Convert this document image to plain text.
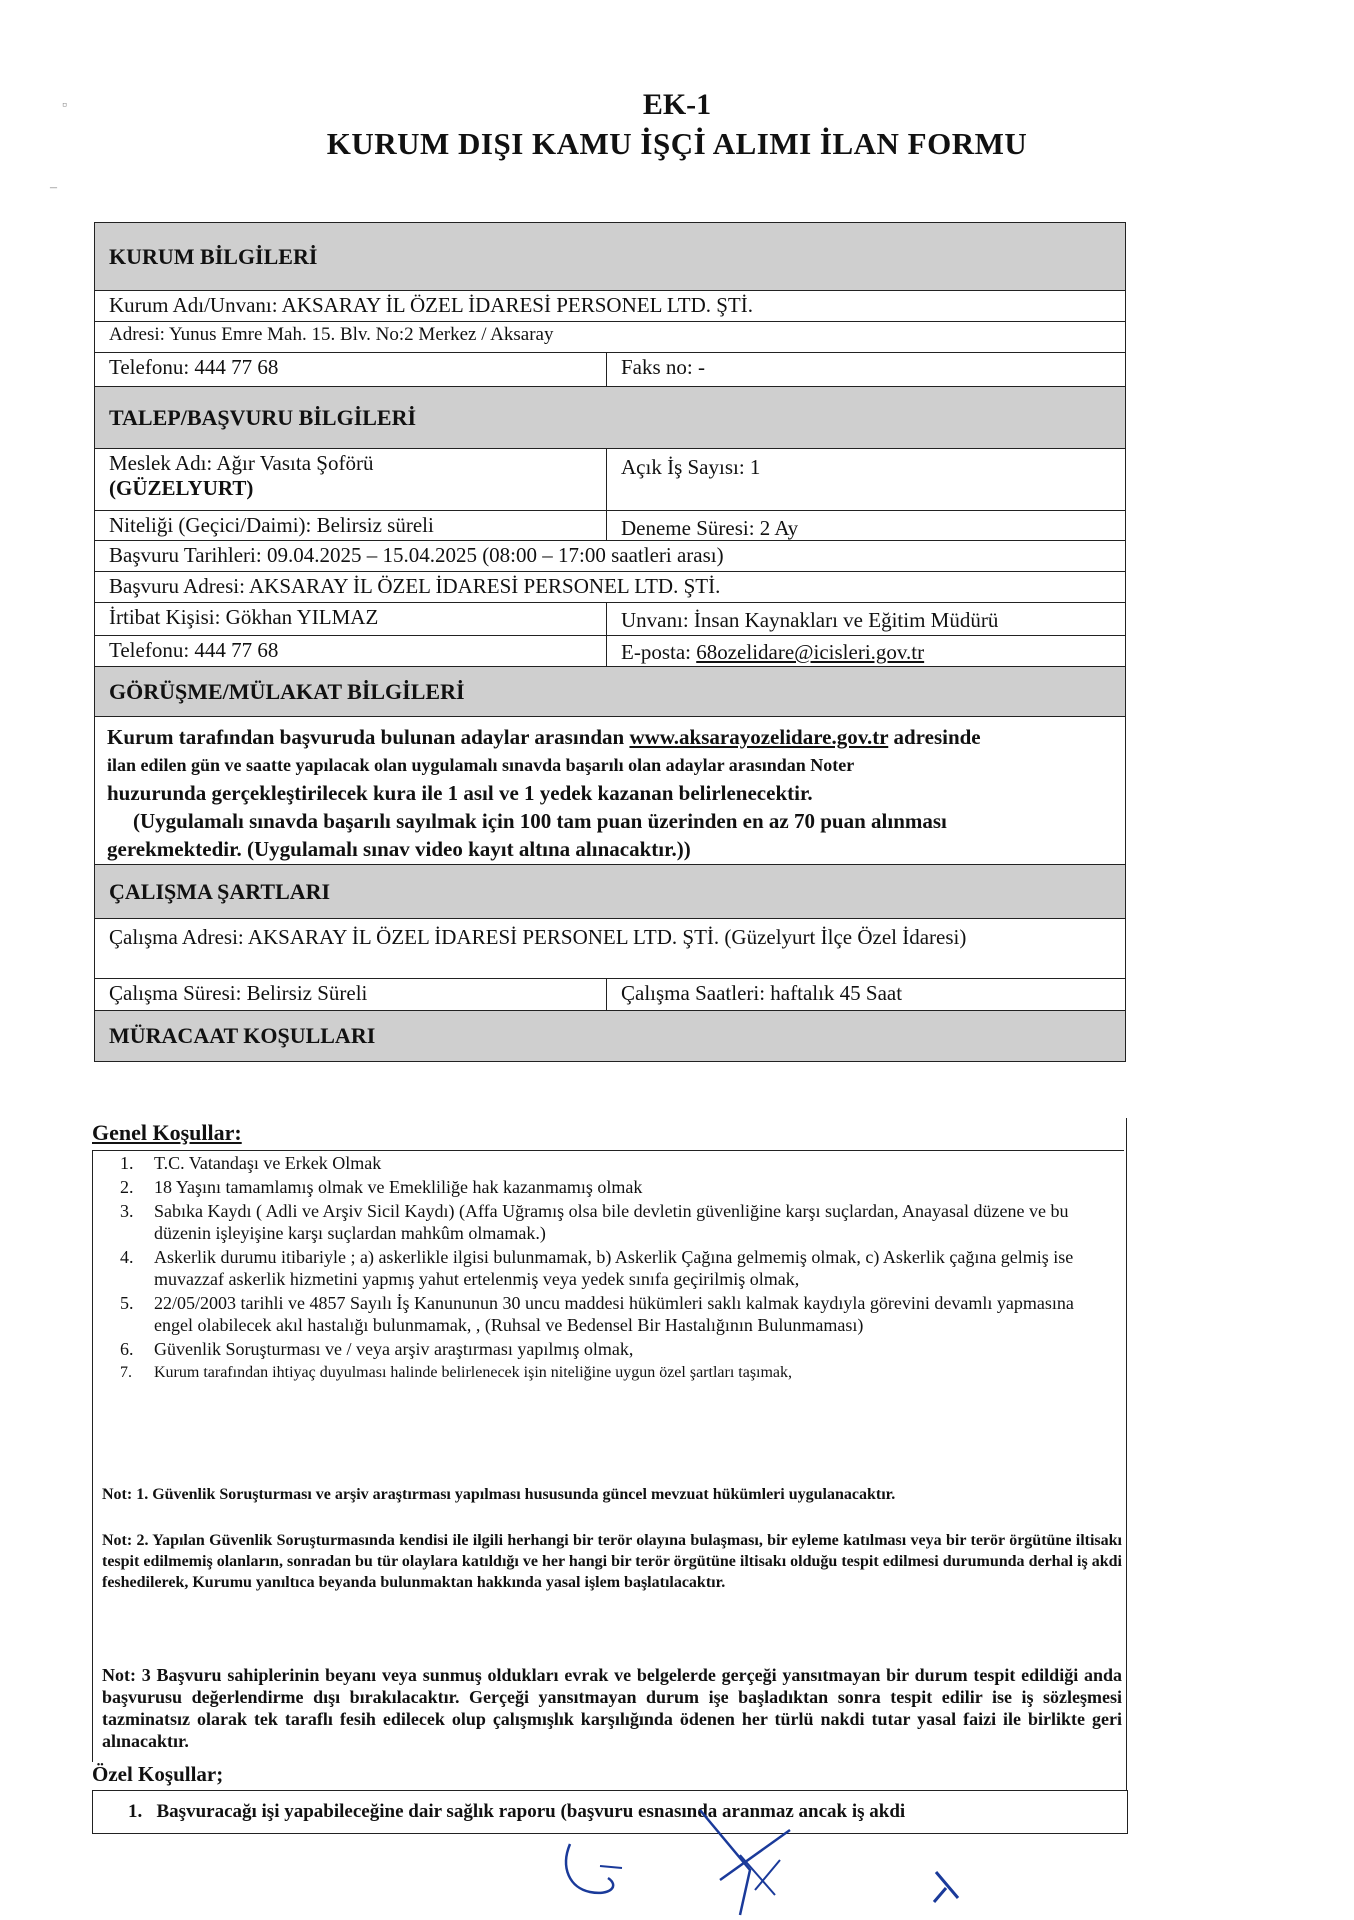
▫
–
EK-1
KURUM DIŞI KAMU İŞÇİ ALIMI İLAN FORMU
KURUM BİLGİLERİ
Kurum Adı/Unvanı: AKSARAY İL ÖZEL İDARESİ PERSONEL LTD. ŞTİ.
Adresi: Yunus Emre Mah. 15. Blv. No:2 Merkez / Aksaray
Telefonu: 444 77 68	Faks no: -
TALEP/BAŞVURU BİLGİLERİ
Meslek Adı: Ağır Vasıta Şoförü
(GÜZELYURT)
Açık İş Sayısı: 1
Niteliği (Geçici/Daimi): Belirsiz süreli	Deneme Süresi: 2 Ay
Başvuru Tarihleri: 09.04.2025 – 15.04.2025 (08:00 – 17:00 saatleri arası)
Başvuru Adresi: AKSARAY İL ÖZEL İDARESİ PERSONEL LTD. ŞTİ.
İrtibat Kişisi: Gökhan YILMAZ	Unvanı: İnsan Kaynakları ve Eğitim Müdürü
Telefonu: 444 77 68	E-posta: 68ozelidare@icisleri.gov.tr
GÖRÜŞME/MÜLAKAT BİLGİLERİ
Kurum tarafından başvuruda bulunan adaylar arasından www.aksarayozelidare.gov.tr adresinde
ilan edilen gün ve saatte yapılacak olan uygulamalı sınavda başarılı olan adaylar arasından Noter
huzurunda gerçekleştirilecek kura ile 1 asıl ve 1 yedek kazanan belirlenecektir.
(Uygulamalı sınavda başarılı sayılmak için 100 tam puan üzerinden en az 70 puan alınması
gerekmektedir. (Uygulamalı sınav video kayıt altına alınacaktır.))
ÇALIŞMA ŞARTLARI
Çalışma Adresi: AKSARAY İL ÖZEL İDARESİ PERSONEL LTD. ŞTİ. (Güzelyurt İlçe Özel İdaresi)
Çalışma Süresi: Belirsiz Süreli	Çalışma Saatleri: haftalık 45 Saat
MÜRACAAT KOŞULLARI
Genel Koşullar:
1.	T.C. Vatandaşı ve Erkek Olmak
2.	18 Yaşını tamamlamış olmak ve Emekliliğe hak kazanmamış olmak
3.	Sabıka Kaydı ( Adli ve Arşiv Sicil Kaydı) (Affa Uğramış olsa bile devletin güvenliğine karşı suçlardan, Anayasal düzene ve bu düzenin işleyişine karşı suçlardan mahkûm olmamak.)
4.	Askerlik durumu itibariyle ; a) askerlikle ilgisi bulunmamak, b) Askerlik Çağına gelmemiş olmak, c) Askerlik çağına gelmiş ise muvazzaf askerlik hizmetini yapmış yahut ertelenmiş veya yedek sınıfa geçirilmiş olmak,
5.	22/05/2003 tarihli ve 4857 Sayılı İş Kanununun 30 uncu maddesi hükümleri saklı kalmak kaydıyla görevini devamlı yapmasına engel olabilecek akıl hastalığı bulunmamak, , (Ruhsal ve Bedensel Bir Hastalığının Bulunmaması)
6.	Güvenlik Soruşturması ve / veya arşiv araştırması yapılmış olmak,
7.	Kurum tarafından ihtiyaç duyulması halinde belirlenecek işin niteliğine uygun özel şartları taşımak,
Not: 1. Güvenlik Soruşturması ve arşiv araştırması yapılması hususunda güncel mevzuat hükümleri uygulanacaktır.
Not: 2. Yapılan Güvenlik Soruşturmasında kendisi ile ilgili herhangi bir terör olayına bulaşması, bir eyleme katılması veya bir terör örgütüne iltisakı tespit edilmemiş olanların, sonradan bu tür olaylara katıldığı ve her hangi bir terör örgütüne iltisakı olduğu tespit edilmesi durumunda derhal iş akdi feshedilerek, Kurumu yanıltıca beyanda bulunmaktan hakkında yasal işlem başlatılacaktır.
Not: 3 Başvuru sahiplerinin beyanı veya sunmuş oldukları evrak ve belgelerde gerçeği yansıtmayan bir durum tespit edildiği anda başvurusu değerlendirme dışı bırakılacaktır. Gerçeği yansıtmayan durum işe başladıktan sonra tespit edilir ise iş sözleşmesi tazminatsız olarak tek taraflı fesih edilecek olup çalışmışlık karşılığında ödenen her türlü nakdi tutar yasal faizi ile birlikte geri alınacaktır.
Özel Koşullar;
1. Başvuracağı işi yapabileceğine dair sağlık raporu (başvuru esnasında aranmaz ancak iş akdi
